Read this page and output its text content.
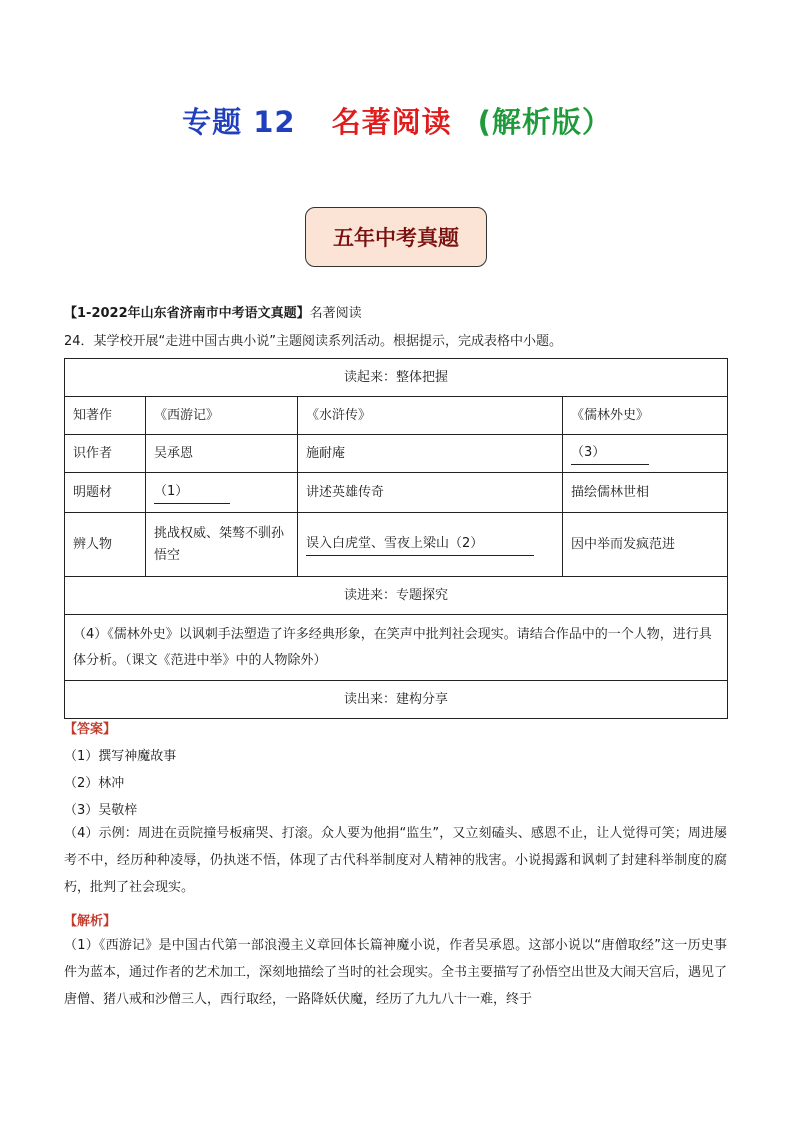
专题 12 名著阅读 (解析版）
五年中考真题
【1-2022年山东省济南市中考语文真题】名著阅读
24．某学校开展“走进中国古典小说”主题阅读系列活动。根据提示，完成表格中小题。
读起来：整体把握			
知著作	《西游记》	《水浒传》	《儒林外史》
识作者	吴承恩	施耐庵	（3）
明题材	（1）	讲述英雄传奇	描绘儒林世相
辨人物	挑战权威、桀骜不驯孙悟空	误入白虎堂、雪夜上梁山（2）	因中举而发疯范进
读进来：专题探究			
（4）《儒林外史》以讽刺手法塑造了许多经典形象，在笑声中批判社会现实。请结合作品中的一个人物，进行具体分析。（课文《范进中举》中的人物除外）			
读出来：建构分享			
【答案】
（1）撰写神魔故事
（2）林冲
（3）吴敬梓
（4）示例：周进在贡院撞号板痛哭、打滚。众人要为他捐“监生”，又立刻磕头、感恩不止，让人觉得可笑；周进屡考不中，经历种种凌辱，仍执迷不悟，体现了古代科举制度对人精神的戕害。小说揭露和讽刺了封建科举制度的腐朽，批判了社会现实。
【解析】
（1）《西游记》是中国古代第一部浪漫主义章回体长篇神魔小说，作者吴承恩。这部小说以“唐僧取经”这一历史事件为蓝本，通过作者的艺术加工，深刻地描绘了当时的社会现实。全书主要描写了孙悟空出世及大闹天宫后，遇见了唐僧、猪八戒和沙僧三人，西行取经，一路降妖伏魔，经历了九九八十一难，终于
